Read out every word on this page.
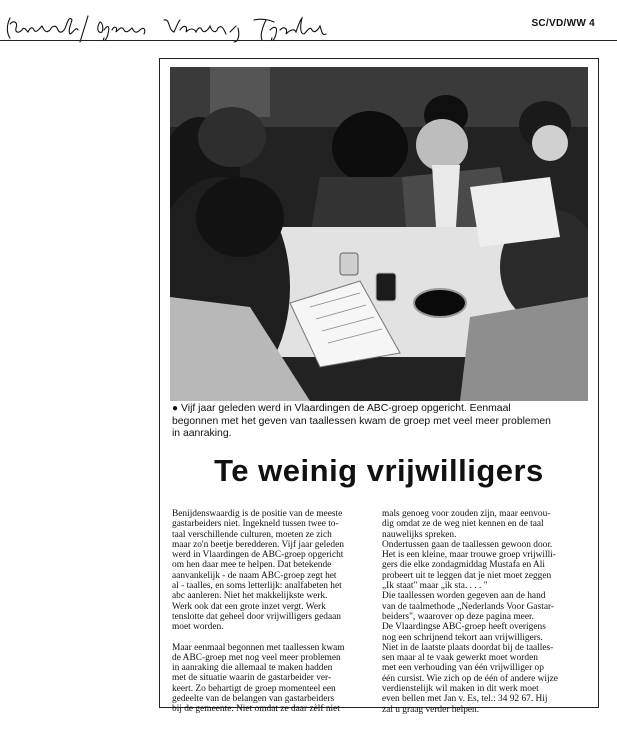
SC/VD/WW 4
● Vijf jaar geleden werd in Vlaardingen de ABC-groep opgericht. Eenmaal
begonnen met het geven van taallessen kwam de groep met veel meer problemen
in aanraking.
Te weinig vrijwilligers

Benijdenswaardig is de positie van de meeste
gastarbeiders niet. Ingekneld tussen twee to-
taal verschillende culturen, moeten ze zich
maar zo'n beetje beredderen. Vijf jaar geleden
werd in Vlaardingen de ABC-groep opgericht
om hen daar mee te helpen. Dat betekende
aanvankelijk - de naam ABC-groep zegt het
al - taalles, en soms letterlijk: analfabeten het
abc aanleren. Niet het makkelijkste werk.
Werk ook dat een grote inzet vergt. Werk
tenslotte dat geheel door vrijwilligers gedaan
moet worden.

Maar eenmaal begonnen met taallessen kwam
de ABC-groep met nog veel meer problemen
in aanraking die allemaal te maken hadden
met de situatie waarin de gastarbeider ver-
keert. Zo behartigt de groep momenteel een
gedeelte van de belangen van gastarbeiders
bij de gemeente. Niet omdat ze daar zèlf niet

mals genoeg voor zouden zijn, maar eenvou-
dig omdat ze de weg niet kennen en de taal
nauwelijks spreken.

Ondertussen gaan de taallessen gewoon door.
Het is een kleine, maar trouwe groep vrijwilli-
gers die elke zondagmiddag Mustafa en Ali
probeert uit te leggen dat je niet moet zeggen
„Ik staat" maar „ik sta. . . . "
Die taallessen worden gegeven aan de hand
van de taalmethode „Nederlands Voor Gastar-
beiders", waarover op deze pagina meer.
De Vlaardingse ABC-groep heeft overigens
nog een schrijnend tekort aan vrijwilligers.
Niet in de laatste plaats doordat bij de taalles-
sen maar al te vaak gewerkt moet worden
met een verhouding van één vrijwilliger op
één cursist. Wie zich op de één of andere wijze
verdienstelijk wil maken in dit werk moet
even bellen met Jan v. Es, tel.: 34 92 67. Hij
zal u graag verder helpen.
